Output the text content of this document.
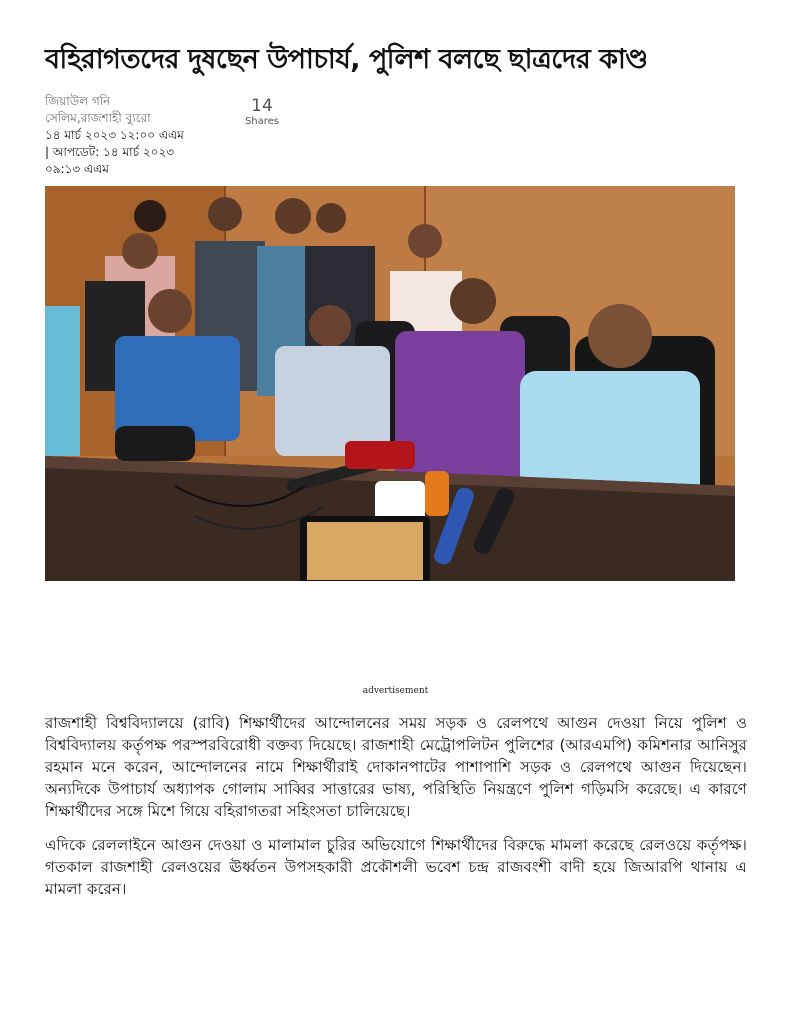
বহিরাগতদের দুষছেন উপাচার্য, পুলিশ বলছে ছাত্রদের কাণ্ড
জিয়াউল গনি
সেলিম,রাজশাহী ব্যুরো
১৪ মার্চ ২০২৩ ১২:০০ এএম
| আপডেট: ১৪ মার্চ ২০২৩
০৯:১৩ এএম
14
Shares
advertisement

রাজশাহী বিশ্ববিদ্যালয়ে (রাবি) শিক্ষার্থীদের আন্দোলনের সময় সড়ক ও রেলপথে আগুন দেওয়া নিয়ে পুলিশ ও বিশ্ববিদ্যালয় কর্তৃপক্ষ পরস্পরবিরোধী বক্তব্য দিয়েছে। রাজশাহী মেট্রোপলিটন পুলিশের (আরএমপি) কমিশনার আনিসুর রহমান মনে করেন, আন্দোলনের নামে শিক্ষার্থীরাই দোকানপাটের পাশাপাশি সড়ক ও রেলপথে আগুন দিয়েছেন। অন্যদিকে উপাচার্য অধ্যাপক গোলাম সাব্বির সাত্তারের ভাষ্য, পরিস্থিতি নিয়ন্ত্রণে পুলিশ গড়িমসি করেছে। এ কারণে শিক্ষার্থীদের সঙ্গে মিশে গিয়ে বহিরাগতরা সহিংসতা চালিয়েছে।

এদিকে রেললাইনে আগুন দেওয়া ও মালামাল চুরির অভিযোগে শিক্ষার্থীদের বিরুদ্ধে মামলা করেছে রেলওয়ে কর্তৃপক্ষ। গতকাল রাজশাহী রেলওয়ের ঊর্ধ্বতন উপসহকারী প্রকৌশলী ভবেশ চন্দ্র রাজবংশী বাদী হয়ে জিআরপি থানায় এ মামলা করেন।
